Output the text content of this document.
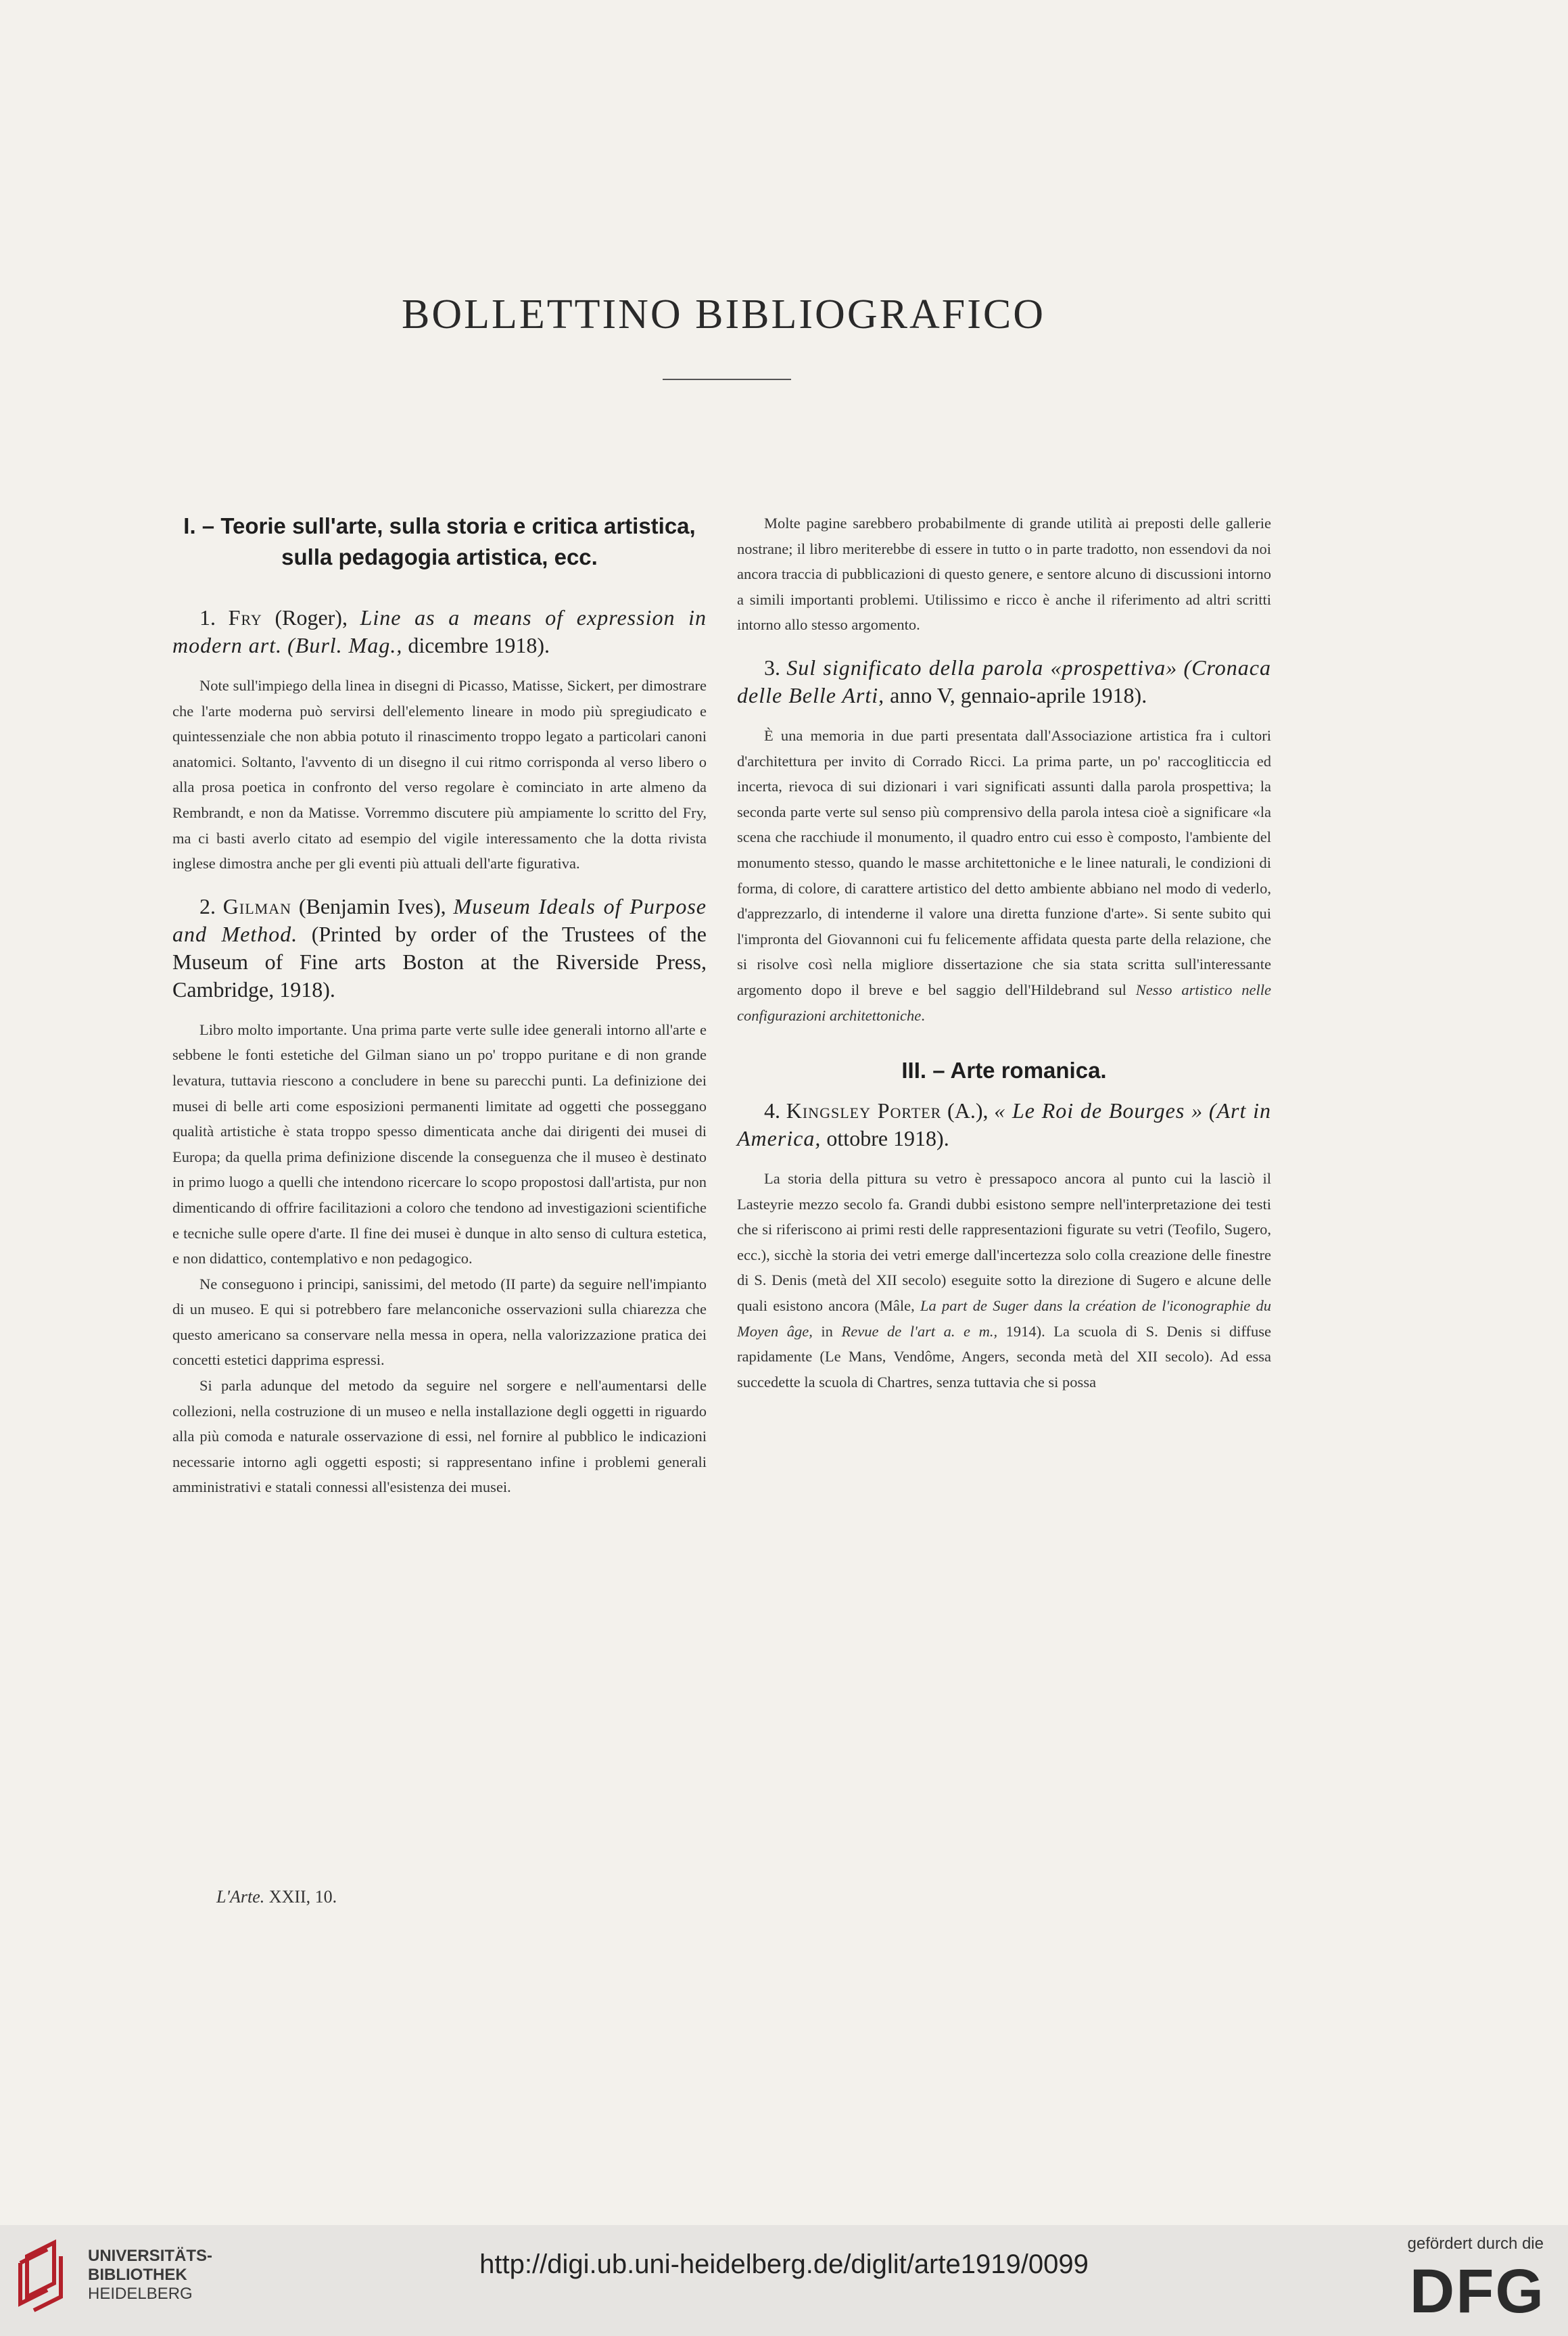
BOLLETTINO BIBLIOGRAFICO
I. – Teorie sull'arte, sulla storia e critica artistica,
sulla pedagogia artistica, ecc.

1. Fry (Roger), Line as a means of expression in modern art. (Burl. Mag., dicembre 1918).

Note sull'impiego della linea in disegni di Picasso, Matisse, Sickert, per dimostrare che l'arte moderna può servirsi dell'elemento lineare in modo più spregiudicato e quintessenziale che non abbia potuto il rinascimento troppo legato a particolari canoni anatomici. Soltanto, l'avvento di un disegno il cui ritmo corrisponda al verso libero o alla prosa poetica in confronto del verso regolare è cominciato in arte almeno da Rembrandt, e non da Matisse. Vorremmo discutere più ampiamente lo scritto del Fry, ma ci basti averlo citato ad esempio del vigile interessamento che la dotta rivista inglese dimostra anche per gli eventi più attuali dell'arte figurativa.

2. Gilman (Benjamin Ives), Museum Ideals of Purpose and Method. (Printed by order of the Trustees of the Museum of Fine arts Boston at the Riverside Press, Cambridge, 1918).

Libro molto importante. Una prima parte verte sulle idee generali intorno all'arte e sebbene le fonti estetiche del Gilman siano un po' troppo puritane e di non grande levatura, tuttavia riescono a concludere in bene su parecchi punti. La definizione dei musei di belle arti come esposizioni permanenti limitate ad oggetti che posseggano qualità artistiche è stata troppo spesso dimenticata anche dai dirigenti dei musei di Europa; da quella prima definizione discende la conseguenza che il museo è destinato in primo luogo a quelli che intendono ricercare lo scopo propostosi dall'artista, pur non dimenticando di offrire facilitazioni a coloro che tendono ad investigazioni scientifiche e tecniche sulle opere d'arte. Il fine dei musei è dunque in alto senso di cultura estetica, e non didattico, contemplativo e non pedagogico.

Ne conseguono i principi, sanissimi, del metodo (II parte) da seguire nell'impianto di un museo. E qui si potrebbero fare melanconiche osservazioni sulla chiarezza che questo americano sa conservare nella messa in opera, nella valorizzazione pratica dei concetti estetici dapprima espressi.

Si parla adunque del metodo da seguire nel sorgere e nell'aumentarsi delle collezioni, nella costruzione di un museo e nella installazione degli oggetti in riguardo alla più comoda e naturale osservazione di essi, nel fornire al pubblico le indicazioni necessarie intorno agli oggetti esposti; si rappresentano infine i problemi generali amministrativi e statali connessi all'esistenza dei musei.

Molte pagine sarebbero probabilmente di grande utilità ai preposti delle gallerie nostrane; il libro meriterebbe di essere in tutto o in parte tradotto, non essendovi da noi ancora traccia di pubblicazioni di questo genere, e sentore alcuno di discussioni intorno a simili importanti problemi. Utilissimo e ricco è anche il riferimento ad altri scritti intorno allo stesso argomento.

3. Sul significato della parola «prospettiva» (Cronaca delle Belle Arti, anno V, gennaio-aprile 1918).

È una memoria in due parti presentata dall'Associazione artistica fra i cultori d'architettura per invito di Corrado Ricci. La prima parte, un po' raccogliticcia ed incerta, rievoca di sui dizionari i vari significati assunti dalla parola prospettiva; la seconda parte verte sul senso più comprensivo della parola intesa cioè a significare «la scena che racchiude il monumento, il quadro entro cui esso è composto, l'ambiente del monumento stesso, quando le masse architettoniche e le linee naturali, le condizioni di forma, di colore, di carattere artistico del detto ambiente abbiano nel modo di vederlo, d'apprezzarlo, di intenderne il valore una diretta funzione d'arte». Si sente subito qui l'impronta del Giovannoni cui fu felicemente affidata questa parte della relazione, che si risolve così nella migliore dissertazione che sia stata scritta sull'interessante argomento dopo il breve e bel saggio dell'Hildebrand sul Nesso artistico nelle configurazioni architettoniche.

III. – Arte romanica.

4. Kingsley Porter (A.), « Le Roi de Bourges » (Art in America, ottobre 1918).

La storia della pittura su vetro è pressapoco ancora al punto cui la lasciò il Lasteyrie mezzo secolo fa. Grandi dubbi esistono sempre nell'interpretazione dei testi che si riferiscono ai primi resti delle rappresentazioni figurate su vetri (Teofilo, Sugero, ecc.), sicchè la storia dei vetri emerge dall'incertezza solo colla creazione delle finestre di S. Denis (metà del XII secolo) eseguite sotto la direzione di Sugero e alcune delle quali esistono ancora (Mâle, La part de Suger dans la création de l'iconographie du Moyen âge, in Revue de l'art a. e m., 1914). La scuola di S. Denis si diffuse rapidamente (Le Mans, Vendôme, Angers, seconda metà del XII secolo). Ad essa succedette la scuola di Chartres, senza tuttavia che si possa

L'Arte. XXII, 10.
UNIVERSITÄTS-
BIBLIOTHEK
HEIDELBERG
http://digi.ub.uni-heidelberg.de/diglit/arte1919/0099
gefördert durch die
DFG
